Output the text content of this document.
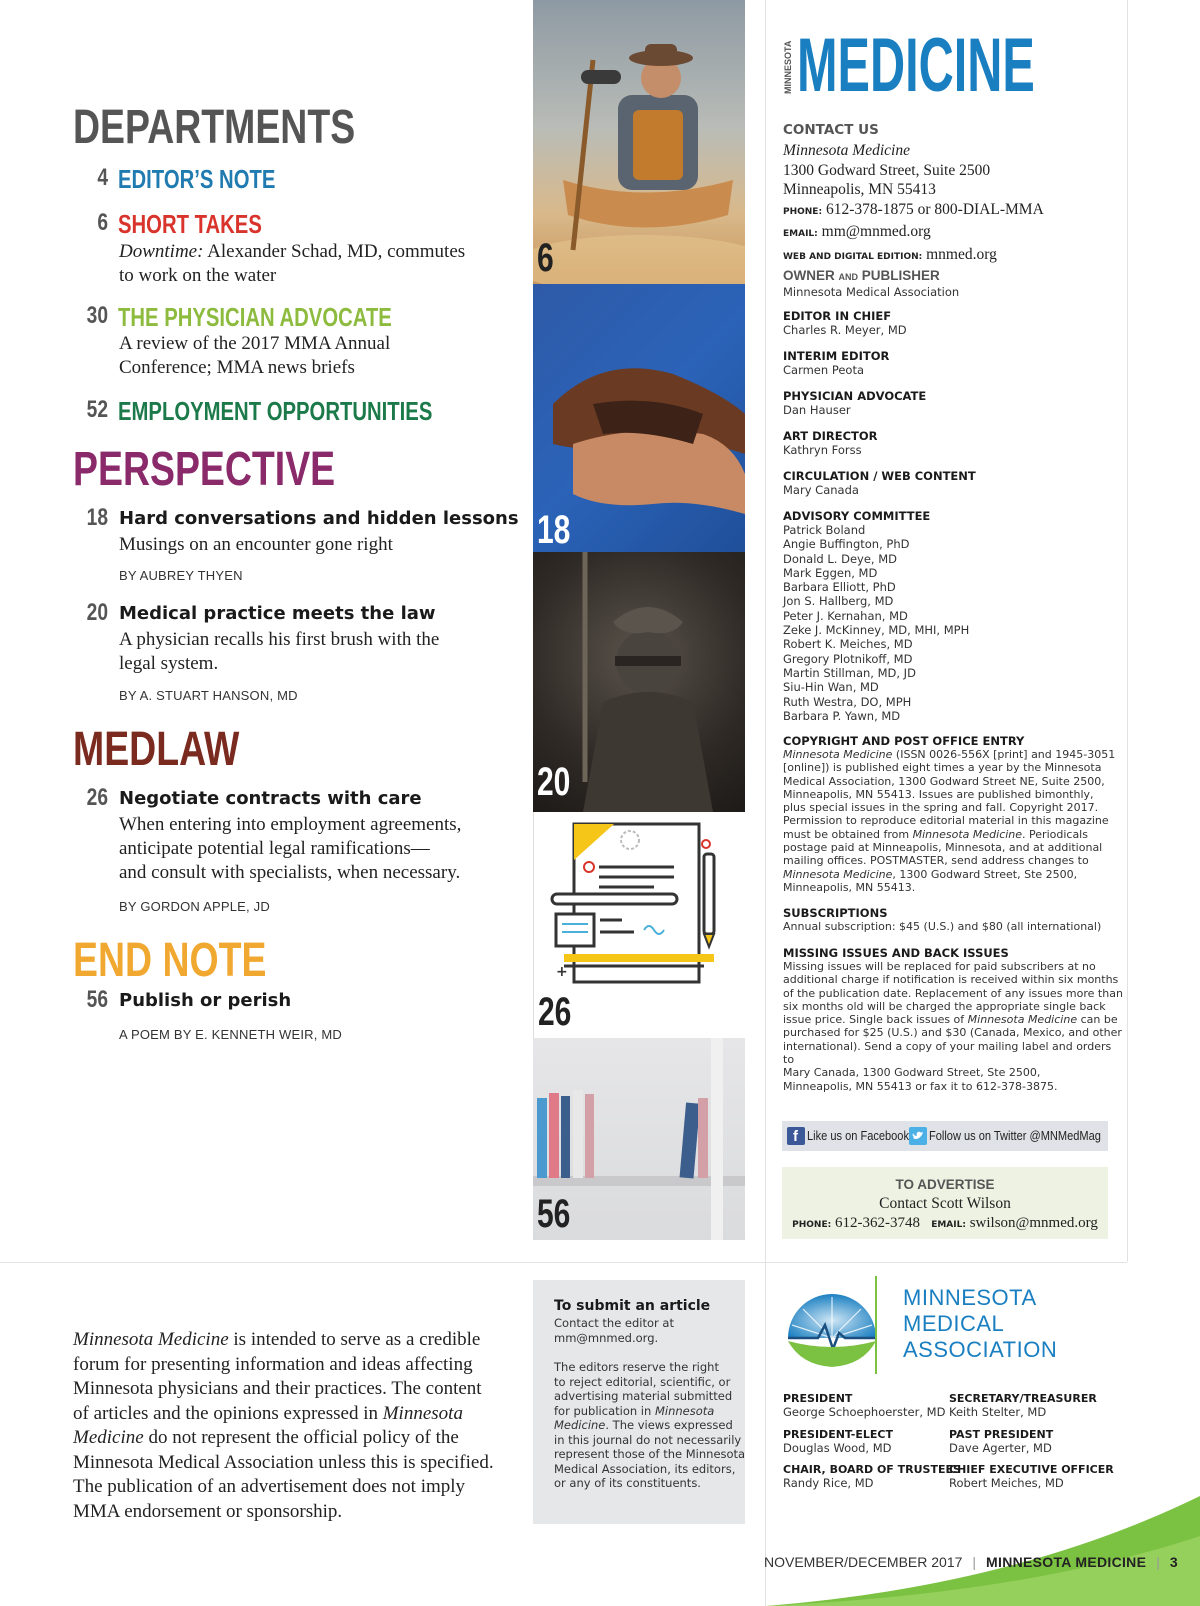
DEPARTMENTS
4 EDITOR’S NOTE
6 SHORT TAKES
Downtime: Alexander Schad, MD, commutes
to work on the water
30 THE PHYSICIAN ADVOCATE
A review of the 2017 MMA Annual
Conference; MMA news briefs
52 EMPLOYMENT OPPORTUNITIES
PERSPECTIVE
18 Hard conversations and hidden lessons
Musings on an encounter gone right
BY AUBREY THYEN
20 Medical practice meets the law
A physician recalls his first brush with the
legal system.
BY A. STUART HANSON, MD
MEDLAW
26 Negotiate contracts with care
When entering into employment agreements,
anticipate potential legal ramifications—
and consult with specialists, when necessary.
BY GORDON APPLE, JD
END NOTE
56 Publish or perish
A POEM BY E. KENNETH WEIR, MD
6
18
20
+
26
56
MINNESOTA MEDICINE
CONTACT US
Minnesota Medicine
1300 Godward Street, Suite 2500
Minneapolis, MN 55413
PHONE: 612-378-1875 or 800-DIAL-MMA
EMAIL: mm@mnmed.org
WEB AND DIGITAL EDITION: mnmed.org
OWNER AND PUBLISHER
Minnesota Medical Association
EDITOR IN CHIEF
Charles R. Meyer, MD
INTERIM EDITOR
Carmen Peota
PHYSICIAN ADVOCATE
Dan Hauser
ART DIRECTOR
Kathryn Forss
CIRCULATION / WEB CONTENT
Mary Canada
ADVISORY COMMITTEE
Patrick Boland
Angie Buffington, PhD
Donald L. Deye, MD
Mark Eggen, MD
Barbara Elliott, PhD
Jon S. Hallberg, MD
Peter J. Kernahan, MD
Zeke J. McKinney, MD, MHI, MPH
Robert K. Meiches, MD
Gregory Plotnikoff, MD
Martin Stillman, MD, JD
Siu-Hin Wan, MD
Ruth Westra, DO, MPH
Barbara P. Yawn, MD
COPYRIGHT AND POST OFFICE ENTRY
Minnesota Medicine (ISSN 0026-556X [print] and 1945-3051
[online]) is published eight times a year by the Minnesota
Medical Association, 1300 Godward Street NE, Suite 2500,
Minneapolis, MN 55413. Issues are published bimonthly,
plus special issues in the spring and fall. Copyright 2017.
Permission to reproduce editorial material in this magazine
must be obtained from Minnesota Medicine. Periodicals
postage paid at Minneapolis, Minnesota, and at additional
mailing offices. POSTMASTER, send address changes to
Minnesota Medicine, 1300 Godward Street, Ste 2500,
Minneapolis, MN 55413.
SUBSCRIPTIONS
Annual subscription: $45 (U.S.) and $80 (all international)
MISSING ISSUES AND BACK ISSUES
Missing issues will be replaced for paid subscribers at no
additional charge if notification is received within six months
of the publication date. Replacement of any issues more than
six months old will be charged the appropriate single back
issue price. Single back issues of Minnesota Medicine can be
purchased for $25 (U.S.) and $30 (Canada, Mexico, and other
international). Send a copy of your mailing label and orders to
Mary Canada, 1300 Godward Street, Ste 2500,
Minneapolis, MN 55413 or fax it to 612-378-3875.
f Like us on Facebook Follow us on Twitter @MNMedMag
TO ADVERTISE
Contact Scott Wilson
PHONE: 612-362-3748 EMAIL: swilson@mnmed.org
Minnesota Medicine is intended to serve as a credible
forum for presenting information and ideas affecting
Minnesota physicians and their practices. The content
of articles and the opinions expressed in Minnesota
Medicine do not represent the official policy of the
Minnesota Medical Association unless this is specified.
The publication of an advertisement does not imply
MMA endorsement or sponsorship.
To submit an article
Contact the editor at
mm@mnmed.org.
The editors reserve the right
to reject editorial, scientific, or
advertising material submitted
for publication in Minnesota
Medicine. The views expressed
in this journal do not necessarily
represent those of the Minnesota
Medical Association, its editors,
or any of its constituents.
MINNESOTA
MEDICAL
ASSOCIATION
PRESIDENT
George Schoephoerster, MD
SECRETARY/TREASURER
Keith Stelter, MD
PRESIDENT-ELECT
Douglas Wood, MD
PAST PRESIDENT
Dave Agerter, MD
CHAIR, BOARD OF TRUSTEES
Randy Rice, MD
CHIEF EXECUTIVE OFFICER
Robert Meiches, MD
NOVEMBER/DECEMBER 2017 | MINNESOTA MEDICINE | 3
